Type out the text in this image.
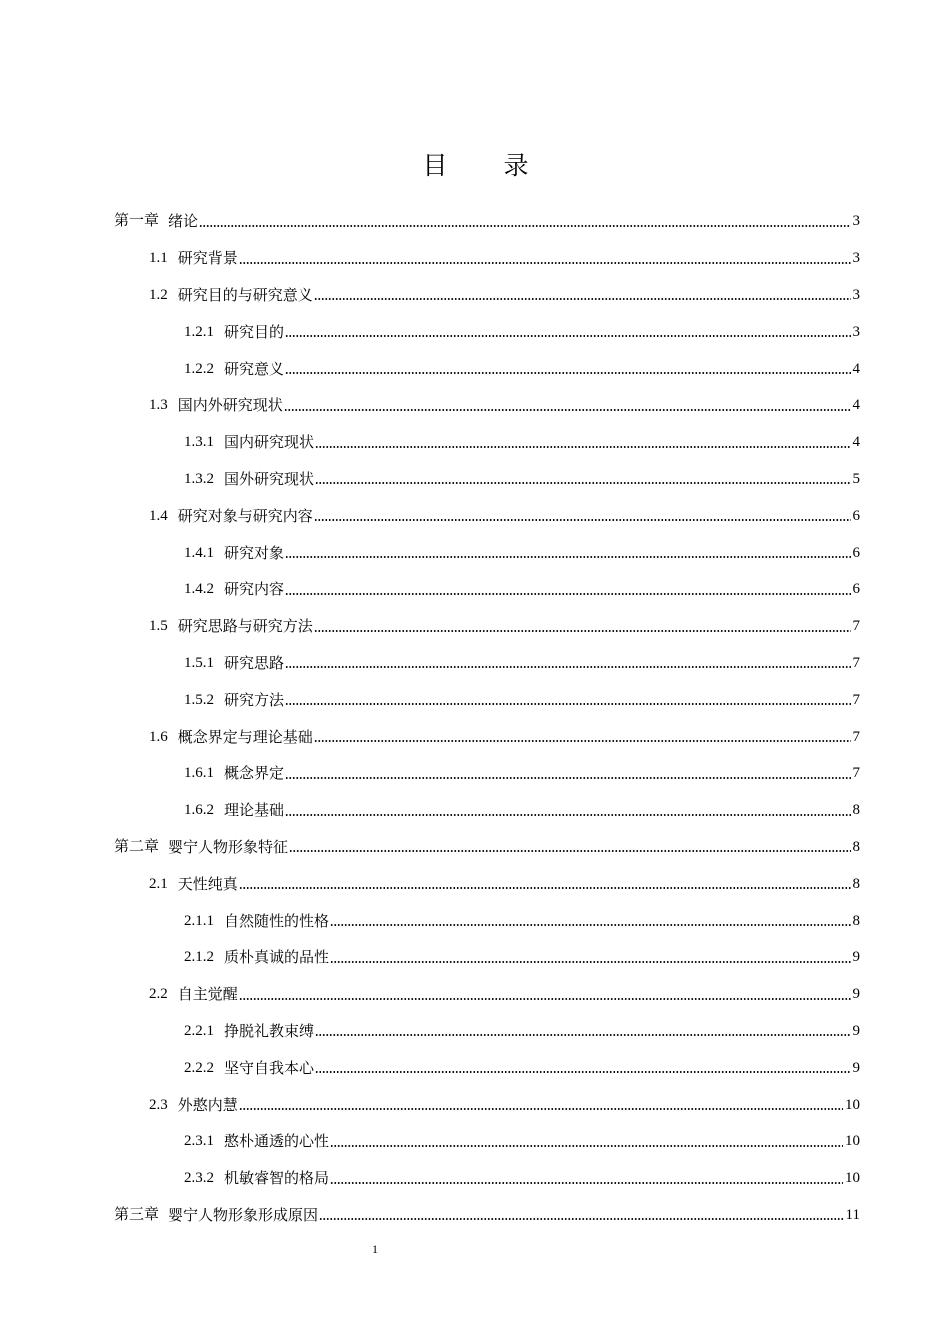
目 录
第一章 绪论	3
1.1 研究背景	3
1.2 研究目的与研究意义	3
1.2.1 研究目的	3
1.2.2 研究意义	4
1.3 国内外研究现状	4
1.3.1 国内研究现状	4
1.3.2 国外研究现状	5
1.4 研究对象与研究内容	6
1.4.1 研究对象	6
1.4.2 研究内容	6
1.5 研究思路与研究方法	7
1.5.1 研究思路	7
1.5.2 研究方法	7
1.6 概念界定与理论基础	7
1.6.1 概念界定	7
1.6.2 理论基础	8
第二章 婴宁人物形象特征	8
2.1 天性纯真	8
2.1.1 自然随性的性格	8
2.1.2 质朴真诚的品性	9
2.2 自主觉醒	9
2.2.1 挣脱礼教束缚	9
2.2.2 坚守自我本心	9
2.3 外憨内慧	10
2.3.1 憨朴通透的心性	10
2.3.2 机敏睿智的格局	10
第三章 婴宁人物形象形成原因	11
1
